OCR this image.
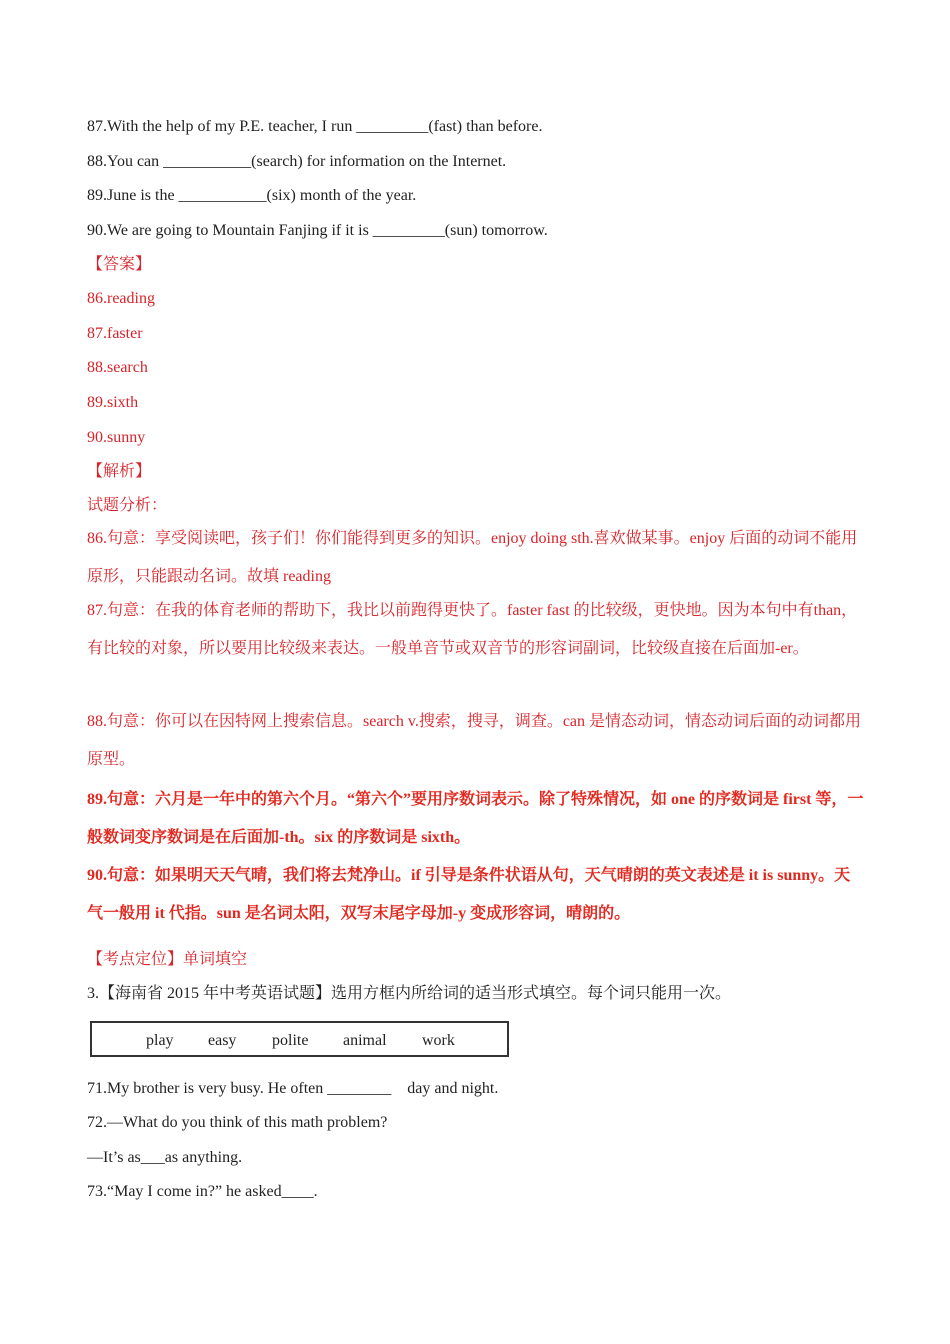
87.With the help of my P.E. teacher, I run _________(fast) than before.
88.You can ___________(search) for information on the Internet.
89.June is the ___________(six) month of the year.
90.We are going to Mountain Fanjing if it is _________(sun) tomorrow.
【答案】
86.reading
87.faster
88.search
89.sixth
90.sunny
【解析】
试题分析：
86.句意：享受阅读吧，孩子们！你们能得到更多的知识。enjoy doing sth.喜欢做某事。enjoy 后面的动词不能用原形，只能跟动名词。故填 reading
87.句意：在我的体育老师的帮助下，我比以前跑得更快了。faster fast 的比较级，更快地。因为本句中有than，有比较的对象，所以要用比较级来表达。一般单音节或双音节的形容词副词，比较级直接在后面加-er。
88.句意：你可以在因特网上搜索信息。search v.搜索，搜寻，调查。can 是情态动词，情态动词后面的动词都用原型。
89.句意：六月是一年中的第六个月。“第六个”要用序数词表示。除了特殊情况，如 one 的序数词是 first 等，一般数词变序数词是在后面加-th。six 的序数词是 sixth。
90.句意：如果明天天气晴，我们将去梵净山。if 引导是条件状语从句，天气晴朗的英文表述是 it is sunny。天气一般用 it 代指。sun 是名词太阳，双写末尾字母加-y 变成形容词，晴朗的。
【考点定位】单词填空
3.【海南省 2015 年中考英语试题】选用方框内所给词的适当形式填空。每个词只能用一次。
play easy polite animal work
71.My brother is very busy. He often ________    day and night.
72.—What do you think of this math problem?
—It’s as___as anything.
73.“May I come in?” he asked____.
